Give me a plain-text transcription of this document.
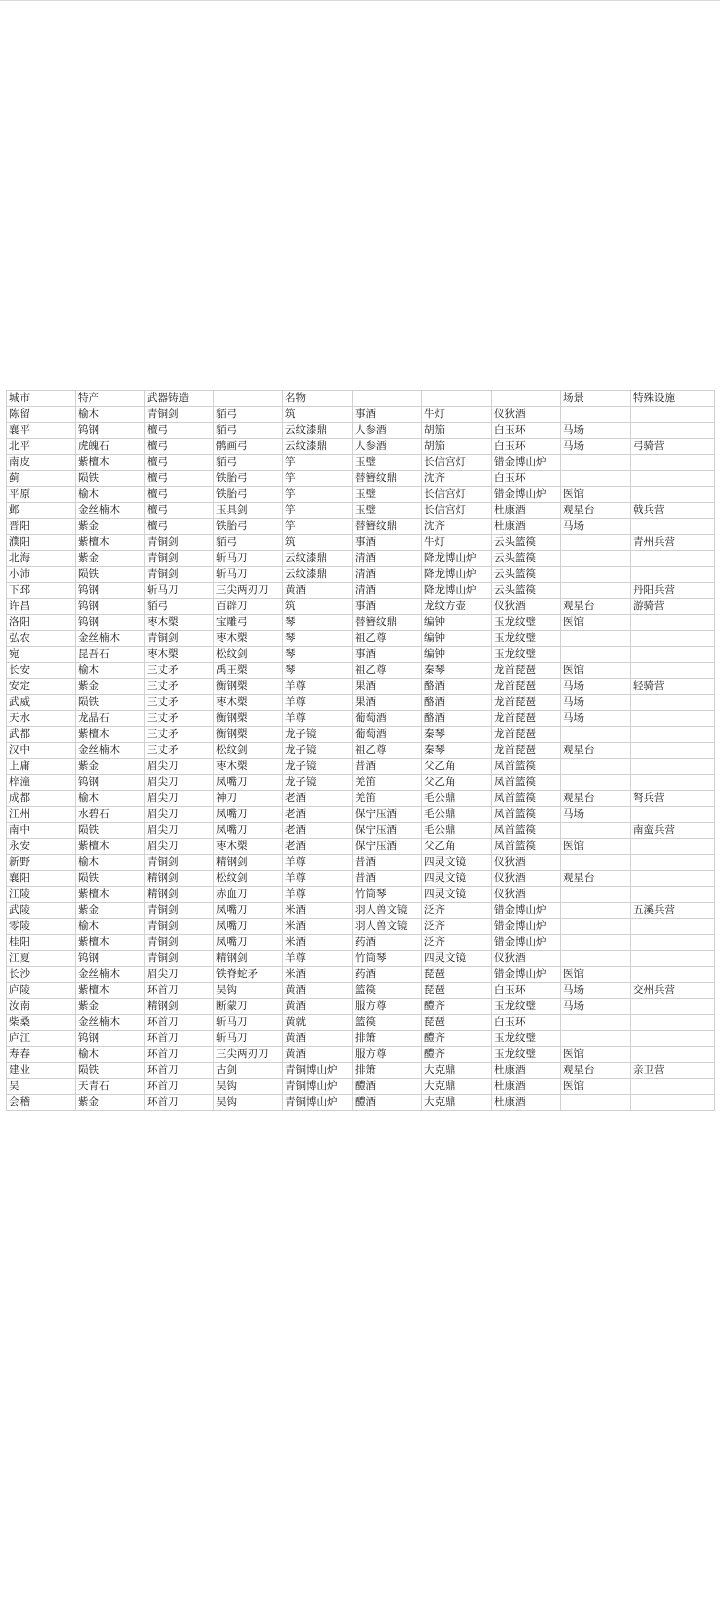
城市	特产	武器铸造		名物				场景	特殊设施
陈留	榆木	青铜剑	貊弓	筑	事酒	牛灯	仪狄酒		
襄平	钨钢	檀弓	貊弓	云纹漆鼎	人参酒	胡笳	白玉环	马场	
北平	虎魄石	檀弓	鹘画弓	云纹漆鼎	人参酒	胡笳	白玉环	马场	弓骑营
南皮	紫檀木	檀弓	貊弓	竽	玉璧	长信宫灯	错金博山炉		
蓟	陨铁	檀弓	铁胎弓	竽	替簪纹鼎	沈齐	白玉环		
平原	榆木	檀弓	铁胎弓	竽	玉璧	长信宫灯	错金博山炉	医馆	
邺	金丝楠木	檀弓	玉具剑	竽	玉璧	长信宫灯	杜康酒	观星台	戟兵营
晋阳	紫金	檀弓	铁胎弓	竽	替簪纹鼎	沈齐	杜康酒	马场	
濮阳	紫檀木	青铜剑	貊弓	筑	事酒	牛灯	云头篮篌		青州兵营
北海	紫金	青铜剑	斩马刀	云纹漆鼎	清酒	降龙博山炉	云头篮篌		
小沛	陨铁	青铜剑	斩马刀	云纹漆鼎	清酒	降龙博山炉	云头篮篌		
下邳	钨钢	斩马刀	三尖两刃刀	黄酒	清酒	降龙博山炉	云头篮篌		丹阳兵营
许昌	钨钢	貊弓	百辟刀	筑	事酒	龙纹方壶	仪狄酒	观星台	游骑营
洛阳	钨钢	枣木槊	宝雕弓	琴	替簪纹鼎	编钟	玉龙纹璧	医馆	
弘农	金丝楠木	青铜剑	枣木槊	琴	祖乙尊	编钟	玉龙纹璧		
宛	昆吾石	枣木槊	松纹剑	琴	事酒	编钟	玉龙纹璧		
长安	榆木	三丈矛	禹王槊	琴	祖乙尊	秦琴	龙首琵琶	医馆	
安定	紫金	三丈矛	衡钢槊	羊尊	果酒	酪酒	龙首琵琶	马场	轻骑营
武威	陨铁	三丈矛	枣木槊	羊尊	果酒	酪酒	龙首琵琶	马场	
天水	龙晶石	三丈矛	衡钢槊	羊尊	葡萄酒	酪酒	龙首琵琶	马场	
武都	紫檀木	三丈矛	衡钢槊	龙子镜	葡萄酒	秦琴	龙首琵琶		
汉中	金丝楠木	三丈矛	松纹剑	龙子镜	祖乙尊	秦琴	龙首琵琶	观星台	
上庸	紫金	眉尖刀	枣木槊	龙子镜	昔酒	父乙角	凤首篮篌		
梓潼	钨钢	眉尖刀	凤嘴刀	龙子镜	羌笛	父乙角	凤首篮篌		
成都	榆木	眉尖刀	神刀	老酒	羌笛	毛公鼎	凤首篮篌	观星台	弩兵营
江州	水碧石	眉尖刀	凤嘴刀	老酒	保宁压酒	毛公鼎	凤首篮篌	马场	
南中	陨铁	眉尖刀	凤嘴刀	老酒	保宁压酒	毛公鼎	凤首篮篌		南蛮兵营
永安	紫檀木	眉尖刀	枣木槊	老酒	保宁压酒	父乙角	凤首篮篌	医馆	
新野	榆木	青铜剑	精钢剑	羊尊	昔酒	四灵文镜	仪狄酒		
襄阳	陨铁	精钢剑	松纹剑	羊尊	昔酒	四灵文镜	仪狄酒	观星台	
江陵	紫檀木	精钢剑	赤血刀	羊尊	竹筒琴	四灵文镜	仪狄酒		
武陵	紫金	青铜剑	凤嘴刀	米酒	羽人兽文镜	泛齐	错金博山炉		五溪兵营
零陵	榆木	青铜剑	凤嘴刀	米酒	羽人兽文镜	泛齐	错金博山炉		
桂阳	紫檀木	青铜剑	凤嘴刀	米酒	药酒	泛齐	错金博山炉		
江夏	钨钢	青铜剑	精钢剑	羊尊	竹筒琴	四灵文镜	仪狄酒		
长沙	金丝楠木	眉尖刀	铁脊蛇矛	米酒	药酒	琵琶	错金博山炉	医馆	
庐陵	紫檀木	环首刀	吴钩	黄酒	篮篌	琵琶	白玉环	马场	交州兵营
汝南	紫金	精钢剑	断蒙刀	黄酒	服方尊	醴齐	玉龙纹璧	马场	
柴桑	金丝楠木	环首刀	斩马刀	黄就	篮篌	琵琶	白玉环		
庐江	钨钢	环首刀	斩马刀	黄酒	排箫	醴齐	玉龙纹璧		
寿春	榆木	环首刀	三尖两刃刀	黄酒	服方尊	醴齐	玉龙纹璧	医馆	
建业	陨铁	环首刀	古剑	青铜博山炉	排箫	大克鼎	杜康酒	观星台	亲卫营
吴	天青石	环首刀	吴钩	青铜博山炉	醴酒	大克鼎	杜康酒	医馆	
会稽	紫金	环首刀	吴钩	青铜博山炉	醴酒	大克鼎	杜康酒		
